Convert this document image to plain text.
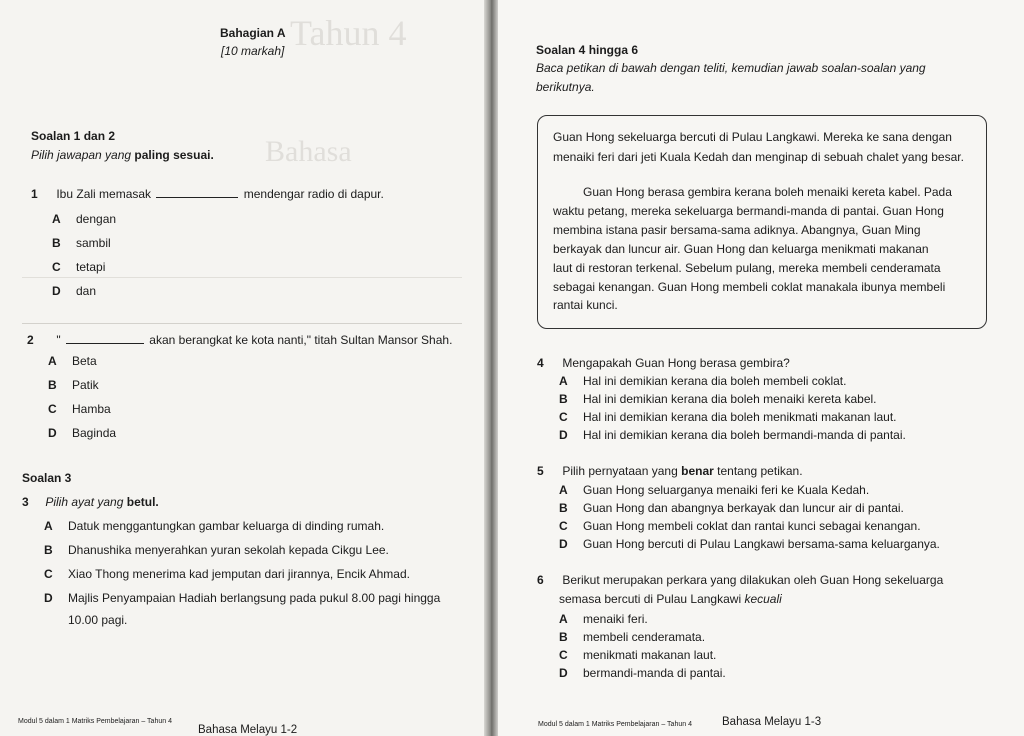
Tahun 4
Bahasa
Bahagian A
[10 markah]
Soalan 1 dan 2
Pilih jawapan yang paling sesuai.
1 Ibu Zali memasak	mendengar radio di dapur.
A dengan
B sambil
C tetapi
D dan
2 "	akan berangkat ke kota nanti," titah Sultan Mansor Shah.
A Beta
B Patik
C Hamba
D Baginda
Soalan 3
3 Pilih ayat yang betul.
A Datuk menggantungkan gambar keluarga di dinding rumah.
B Dhanushika menyerahkan yuran sekolah kepada Cikgu Lee.
C Xiao Thong menerima kad jemputan dari jirannya, Encik Ahmad.
D Majlis Penyampaian Hadiah berlangsung pada pukul 8.00 pagi hingga
10.00 pagi.
Modul 5 dalam 1 Matriks Pembelajaran – Tahun 4
Bahasa Melayu 1-2
Soalan 4 hingga 6
Baca petikan di bawah dengan teliti, kemudian jawab soalan-soalan yang
berikutnya.
Guan Hong sekeluarga bercuti di Pulau Langkawi. Mereka ke sana dengan
menaiki feri dari jeti Kuala Kedah dan menginap di sebuah chalet yang besar.
Guan Hong berasa gembira kerana boleh menaiki kereta kabel. Pada
waktu petang, mereka sekeluarga bermandi-manda di pantai. Guan Hong
membina istana pasir bersama-sama adiknya. Abangnya, Guan Ming
berkayak dan luncur air. Guan Hong dan keluarga menikmati makanan
laut di restoran terkenal. Sebelum pulang, mereka membeli cenderamata
sebagai kenangan. Guan Hong membeli coklat manakala ibunya membeli
rantai kunci.
4 Mengapakah Guan Hong berasa gembira?
A Hal ini demikian kerana dia boleh membeli coklat.
B Hal ini demikian kerana dia boleh menaiki kereta kabel.
C Hal ini demikian kerana dia boleh menikmati makanan laut.
D Hal ini demikian kerana dia boleh bermandi-manda di pantai.
5 Pilih pernyataan yang benar tentang petikan.
A Guan Hong seluarganya menaiki feri ke Kuala Kedah.
B Guan Hong dan abangnya berkayak dan luncur air di pantai.
C Guan Hong membeli coklat dan rantai kunci sebagai kenangan.
D Guan Hong bercuti di Pulau Langkawi bersama-sama keluarganya.
6 Berikut merupakan perkara yang dilakukan oleh Guan Hong sekeluarga
semasa bercuti di Pulau Langkawi kecuali
A menaiki feri.
B membeli cenderamata.
C menikmati makanan laut.
D bermandi-manda di pantai.
Modul 5 dalam 1 Matriks Pembelajaran – Tahun 4	Bahasa Melayu 1-3
